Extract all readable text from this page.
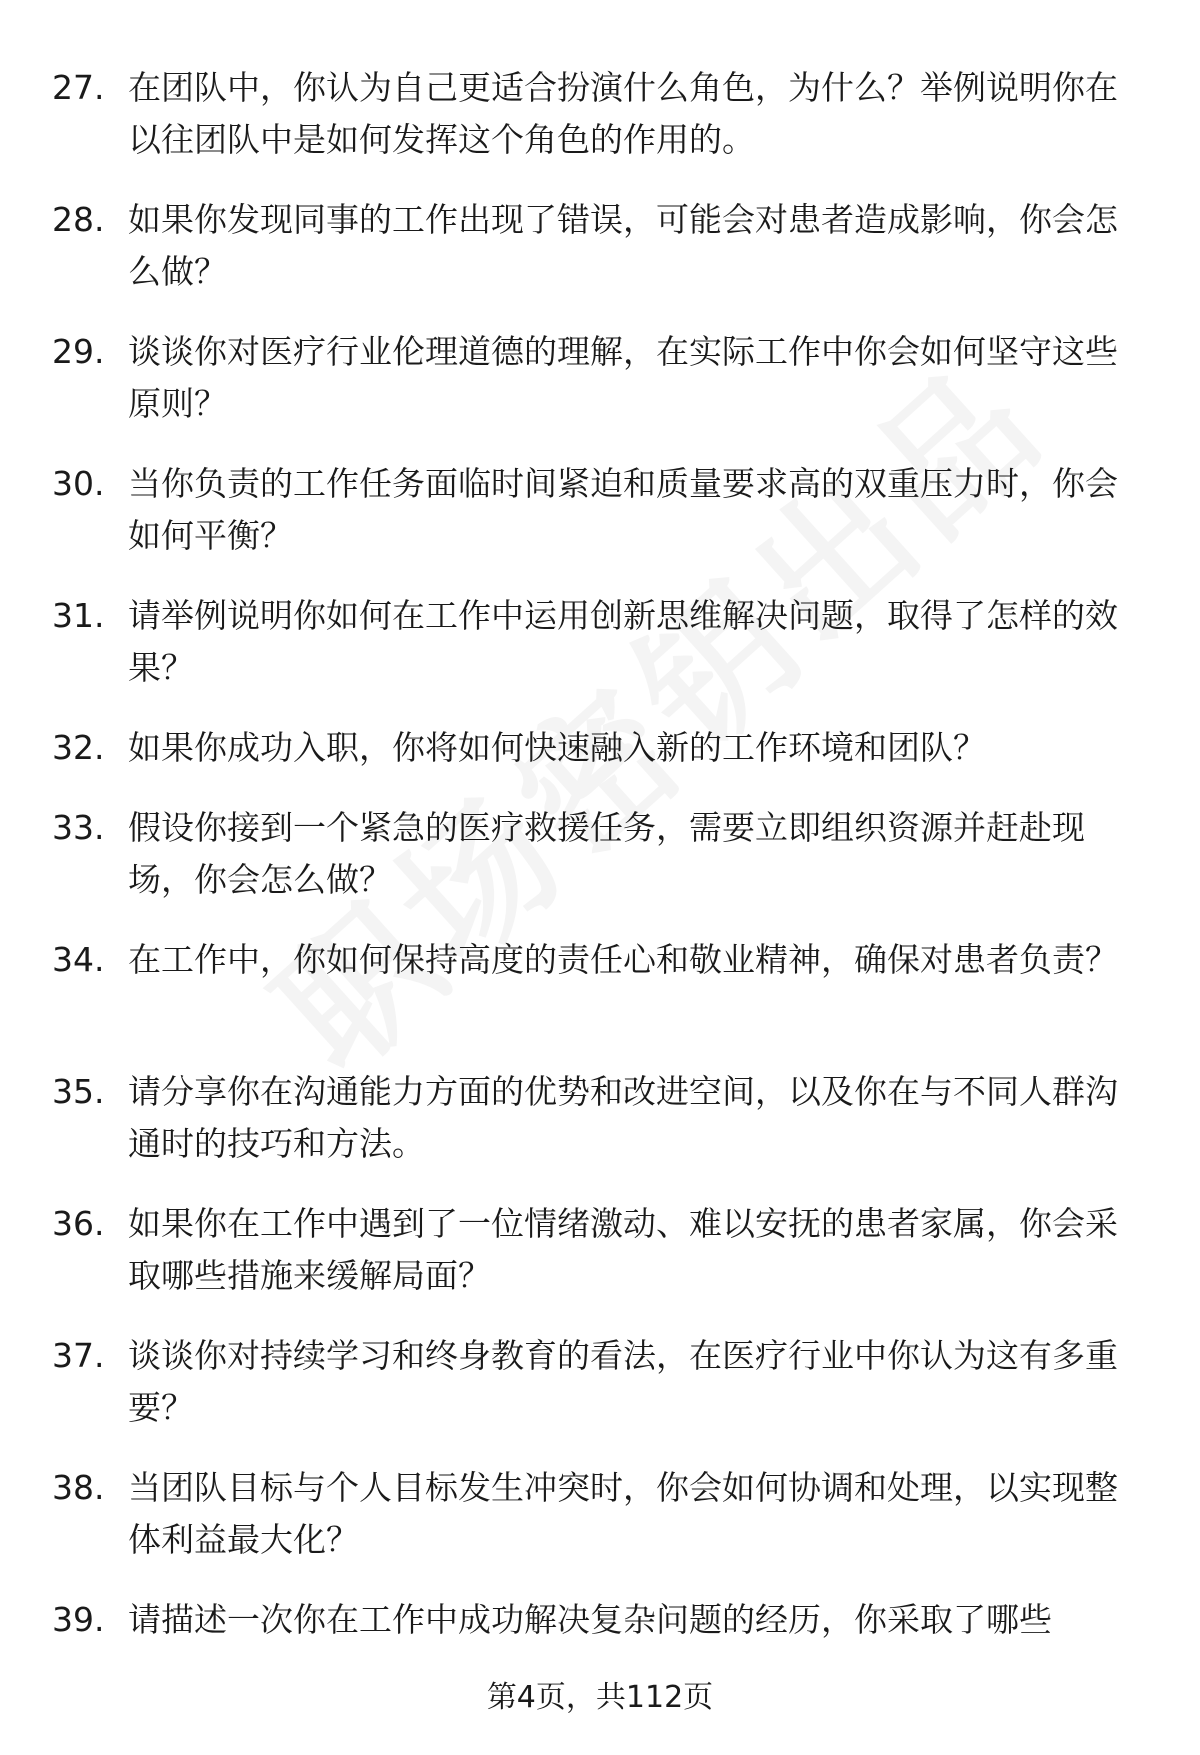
27. 在团队中，你认为自己更适合扮演什么角色，为什么？举例说明你在以往团队中是如何发挥这个角色的作用的。
28. 如果你发现同事的工作出现了错误，可能会对患者造成影响，你会怎么做？
29. 谈谈你对医疗行业伦理道德的理解，在实际工作中你会如何坚守这些原则？
30. 当你负责的工作任务面临时间紧迫和质量要求高的双重压力时，你会如何平衡？
31. 请举例说明你如何在工作中运用创新思维解决问题，取得了怎样的效果？
32. 如果你成功入职，你将如何快速融入新的工作环境和团队？
33. 假设你接到一个紧急的医疗救援任务，需要立即组织资源并赶赴现场，你会怎么做？
34. 在工作中，你如何保持高度的责任心和敬业精神，确保对患者负责？
35. 请分享你在沟通能力方面的优势和改进空间，以及你在与不同人群沟通时的技巧和方法。
36. 如果你在工作中遇到了一位情绪激动、难以安抚的患者家属，你会采取哪些措施来缓解局面？
37. 谈谈你对持续学习和终身教育的看法，在医疗行业中你认为这有多重要？
38. 当团队目标与个人目标发生冲突时，你会如何协调和处理，以实现整体利益最大化？
39. 请描述一次你在工作中成功解决复杂问题的经历，你采取了哪些
第4页，共112页
